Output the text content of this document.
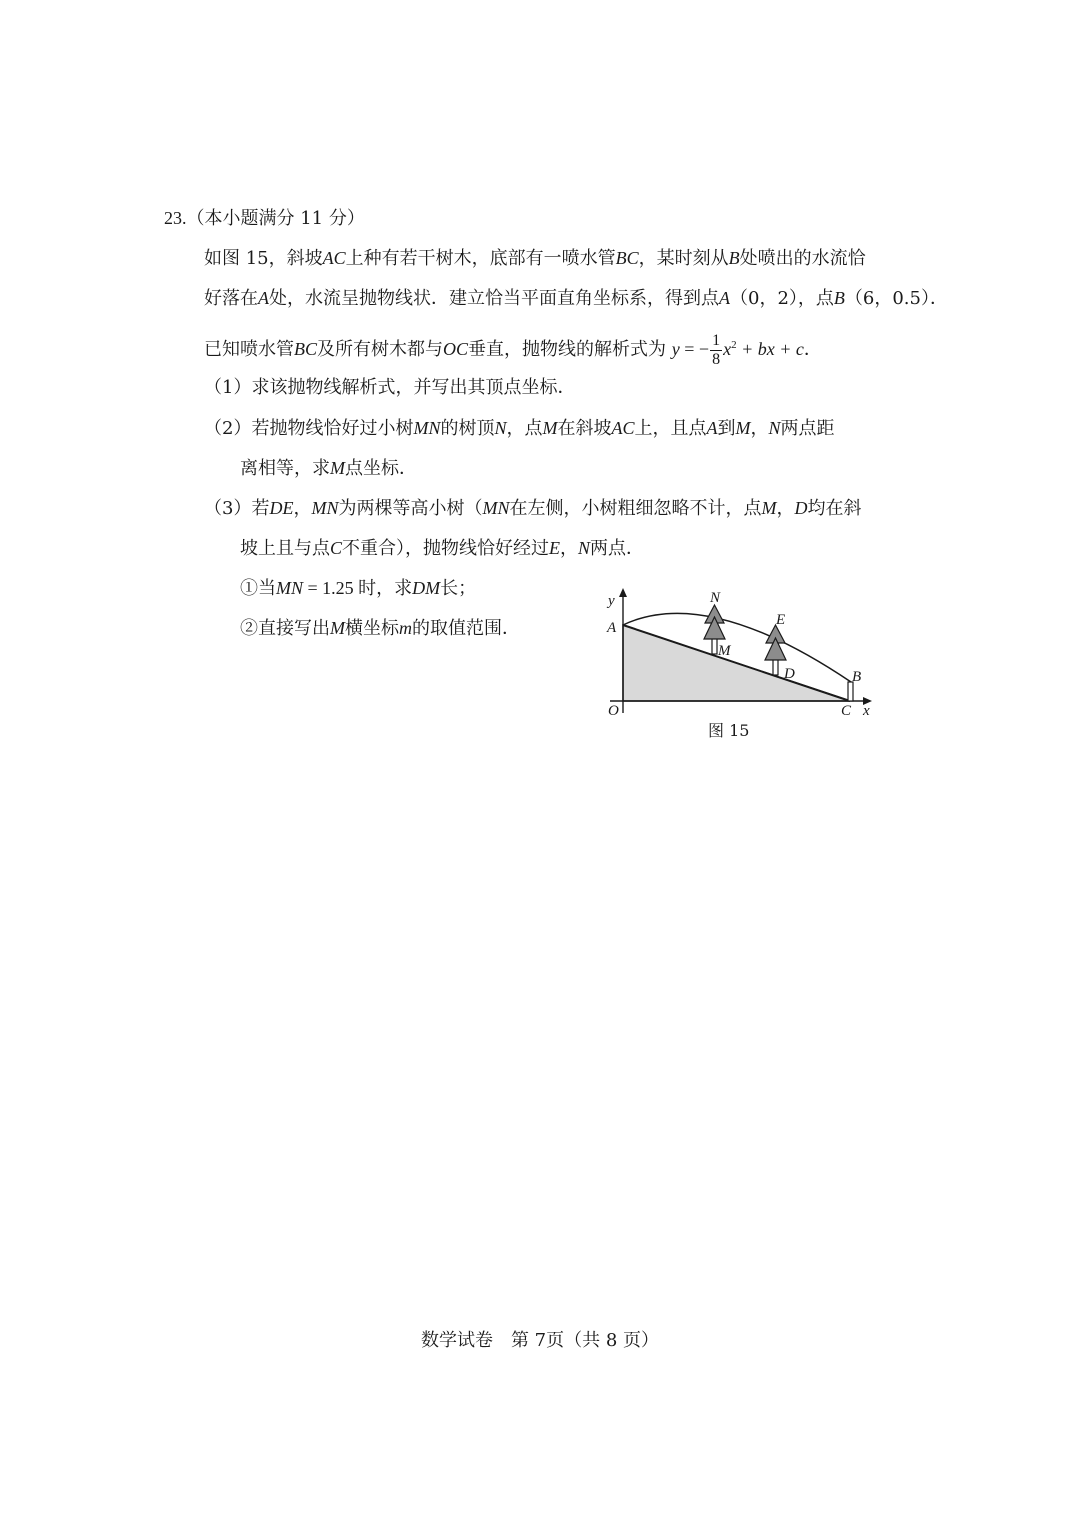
23.（本小题满分 11 分）
如图 15，斜坡AC上种有若干树木，底部有一喷水管BC，某时刻从B处喷出的水流恰
好落在A处，水流呈抛物线状．建立恰当平面直角坐标系，得到点A（0，2），点B（6，0.5）．
已知喷水管BC及所有树木都与OC垂直，抛物线的解析式为 y = − $\frac{1}{8} x^2$ + bx + c．
（1）求该抛物线解析式，并写出其顶点坐标．
（2）若抛物线恰好过小树MN的树顶N，点M在斜坡AC上，且点A到M，N两点距
离相等，求M点坐标．
（3）若DE，MN为两棵等高小树（MN在左侧，小树粗细忽略不计，点M，D均在斜
坡上且与点C不重合），抛物线恰好经过E，N两点．
①当MN = 1.25 时，求DM长；
②直接写出M横坐标m的取值范围．
y
x
O
A
B
C
N
M
E
D
图 15
数学试卷　第 7页（共 8 页）
